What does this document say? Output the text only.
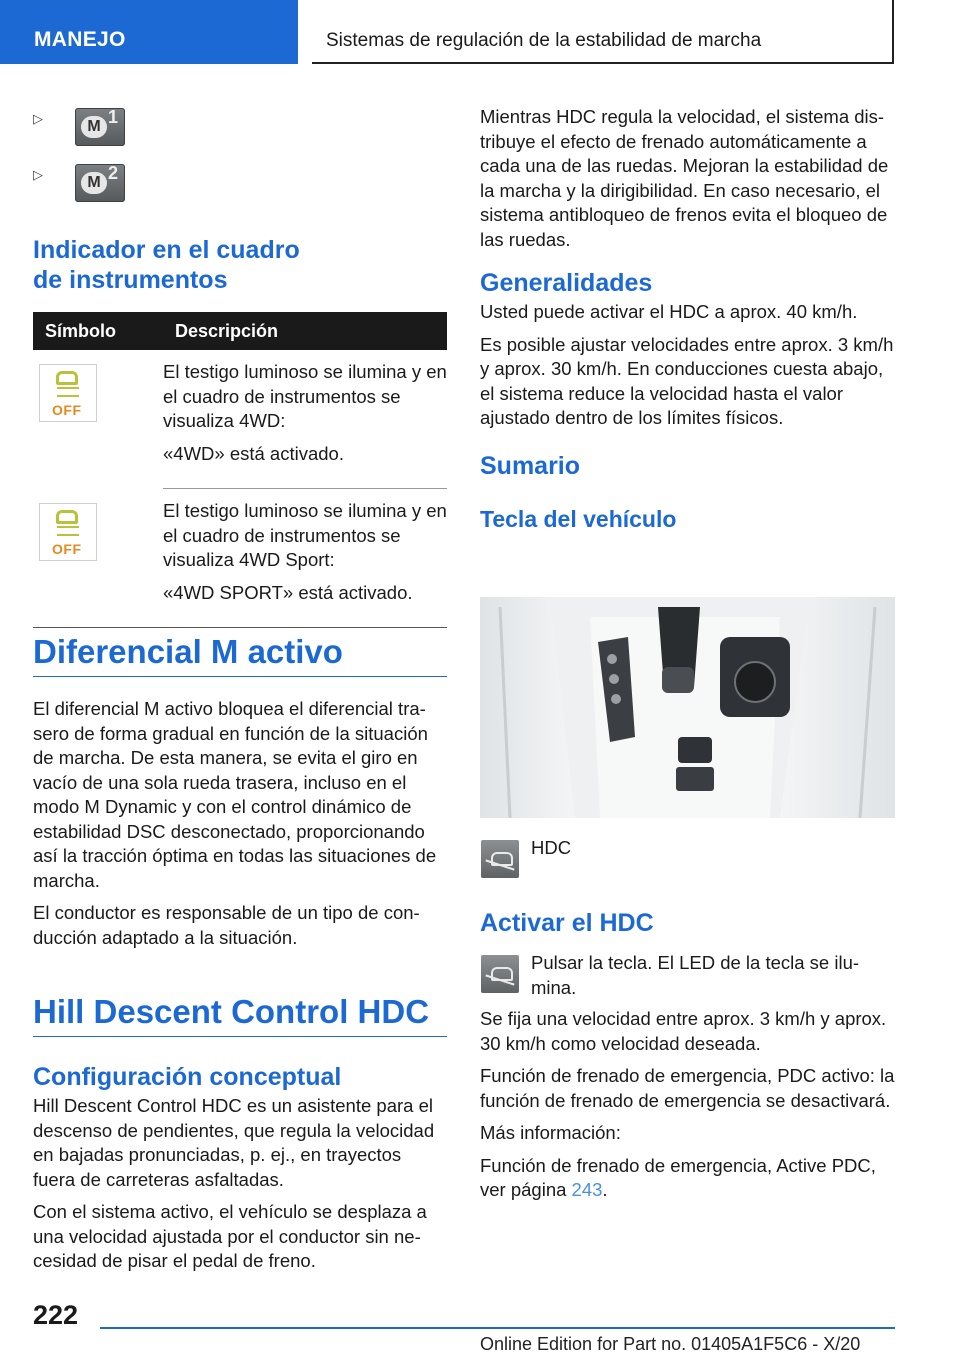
MANEJO	Sistemas de regulación de la estabilidad de marcha
▷	M 1
▷	M 2
Indicador en el cuadro
de instrumentos
Símbolo	Descripción

OFF	El testigo luminoso se ilumina y en el cuadro de instrumentos se visualiza 4WD:

«4WD» está activado.

OFF	El testigo luminoso se ilumina y en el cuadro de instrumentos se visualiza 4WD Sport:

«4WD SPORT» está activado.

Diferencial M activo

El diferencial M activo bloquea el diferencial trasero de forma gradual en función de la situación de marcha. De esta manera, se evita el giro en vacío de una sola rueda trasera, incluso en el modo M Dynamic y con el control dinámico de estabilidad DSC desconectado, proporcionando así la tracción óptima en todas las situaciones de marcha.

El conductor es responsable de un tipo de conducción adaptado a la situación.

Hill Descent Control HDC
Configuración conceptual

Hill Descent Control HDC es un asistente para el descenso de pendientes, que regula la velocidad en bajadas pronunciadas, p. ej., en trayectos fuera de carreteras asfaltadas.

Con el sistema activo, el vehículo se desplaza a una velocidad ajustada por el conductor sin necesidad de pisar el pedal de freno.

Mientras HDC regula la velocidad, el sistema distribuye el efecto de frenado automáticamente a cada una de las ruedas. Mejoran la estabilidad de la marcha y la dirigibilidad. En caso necesario, el sistema antibloqueo de frenos evita el bloqueo de las ruedas.

Generalidades

Usted puede activar el HDC a aprox. 40 km/h.

Es posible ajustar velocidades entre aprox. 3 km/h y aprox. 30 km/h. En conducciones cuesta abajo, el sistema reduce la velocidad hasta el valor ajustado dentro de los límites físicos.

Sumario
Tecla del vehículo
HDC
Activar el HDC

Pulsar la tecla. El LED de la tecla se ilumina.

Se fija una velocidad entre aprox. 3 km/h y aprox. 30 km/h como velocidad deseada.

Función de frenado de emergencia, PDC activo: la función de frenado de emergencia se desactivará.

Más información:

Función de frenado de emergencia, Active PDC, ver página 243.

222
Online Edition for Part no. 01405A1F5C6 - X/20
